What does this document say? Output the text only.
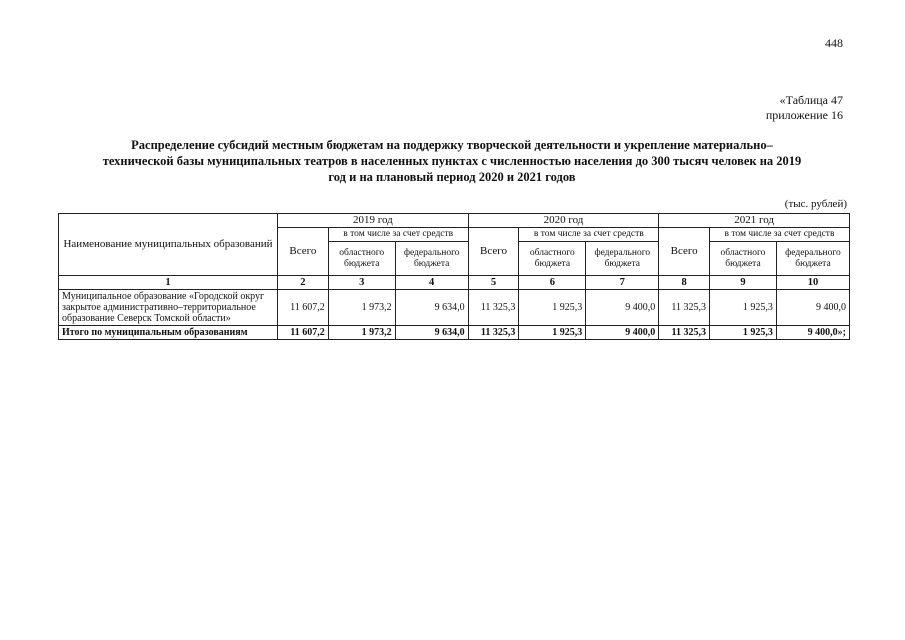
448
«Таблица 47
приложение 16
Распределение субсидий местным бюджетам на поддержку творческой деятельности и укрепление материально–
технической базы муниципальных театров в населенных пунктах с численностью населения до 300 тысяч человек на 2019
год и на плановый период 2020 и 2021 годов
(тыс. рублей)
Наименование муниципальных образований	2019 год			2020 год			2021 год		
	Всего	в том числе за счет средств		Всего	в том числе за счет средств		Всего	в том числе за счет средств	
		областного бюджета	федерального бюджета		областного бюджета	федерального бюджета		областного бюджета	федерального бюджета
1	2	3	4	5	6	7	8	9	10
Муниципальное образование «Городской округ закрытое административно–территориальное образование Северск Томской области»	11 607,2	1 973,2	9 634,0	11 325,3	1 925,3	9 400,0	11 325,3	1 925,3	9 400,0
Итого по муниципальным образованиям	11 607,2	1 973,2	9 634,0	11 325,3	1 925,3	9 400,0	11 325,3	1 925,3	9 400,0»;
